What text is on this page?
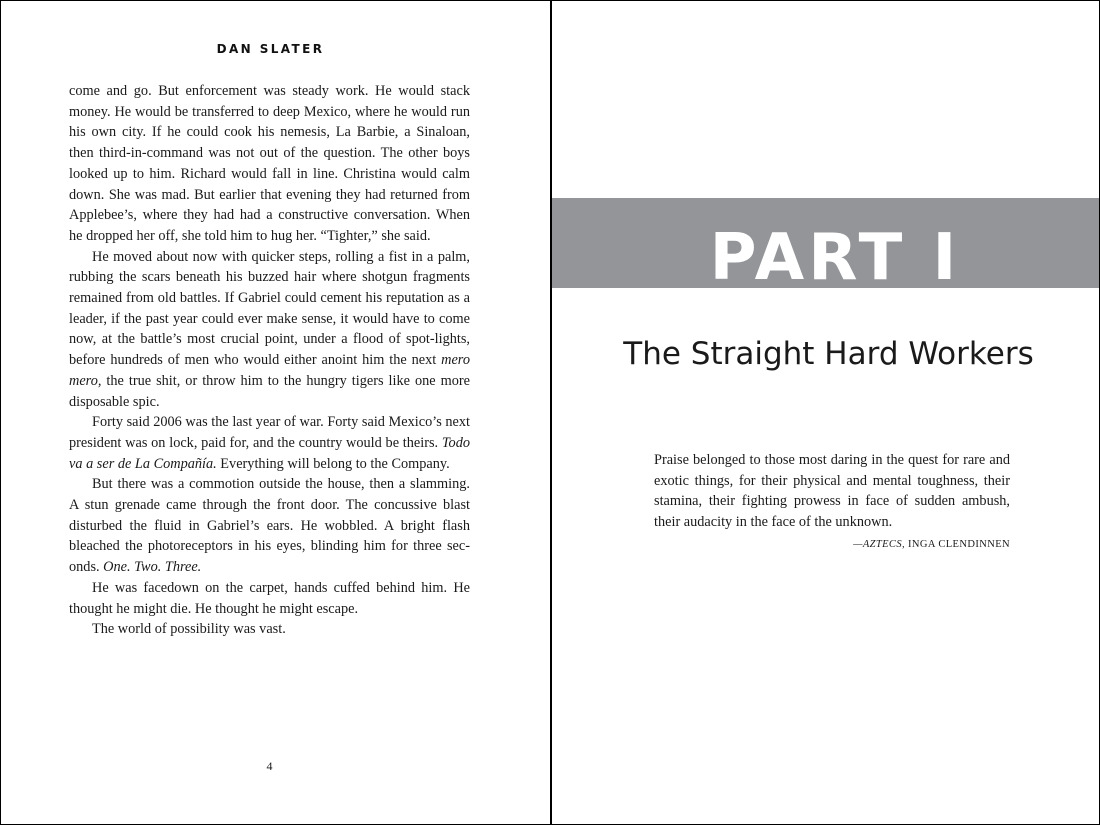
DAN SLATER

come and go. But enforcement was steady work. He would stack money. He would be transferred to deep Mexico, where he would run his own city. If he could cook his nemesis, La Barbie, a Sinaloan, then third-in-command was not out of the question. The other boys looked up to him. Richard would fall in line. Christina would calm down. She was mad. But earlier that evening they had returned from Applebee’s, where they had had a constructive conversation. When he dropped her off, she told him to hug her. “Tighter,” she said.

He moved about now with quicker steps, rolling a fist in a palm, rubbing the scars beneath his buzzed hair where shotgun fragments remained from old battles. If Gabriel could cement his reputation as a leader, if the past year could ever make sense, it would have to come now, at the battle’s most crucial point, under a flood of spot-lights, before hundreds of men who would either anoint him the next mero mero, the true shit, or throw him to the hungry tigers like one more disposable spic.

Forty said 2006 was the last year of war. Forty said Mexico’s next president was on lock, paid for, and the country would be theirs. Todo va a ser de La Compañía. Everything will belong to the Company.

But there was a commotion outside the house, then a slamming. A stun grenade came through the front door. The concussive blast disturbed the fluid in Gabriel’s ears. He wobbled. A bright flash bleached the photoreceptors in his eyes, blinding him for three seconds. One. Two. Three.

He was facedown on the carpet, hands cuffed behind him. He thought he might die. He thought he might escape.

The world of possibility was vast.

4
PART I
The Straight Hard Workers
Praise belonged to those most daring in the quest for rare and exotic things, for their physical and mental toughness, their stamina, their fighting prowess in face of sudden ambush, their audacity in the face of the unknown.
—AZTECS, INGA CLENDINNEN
